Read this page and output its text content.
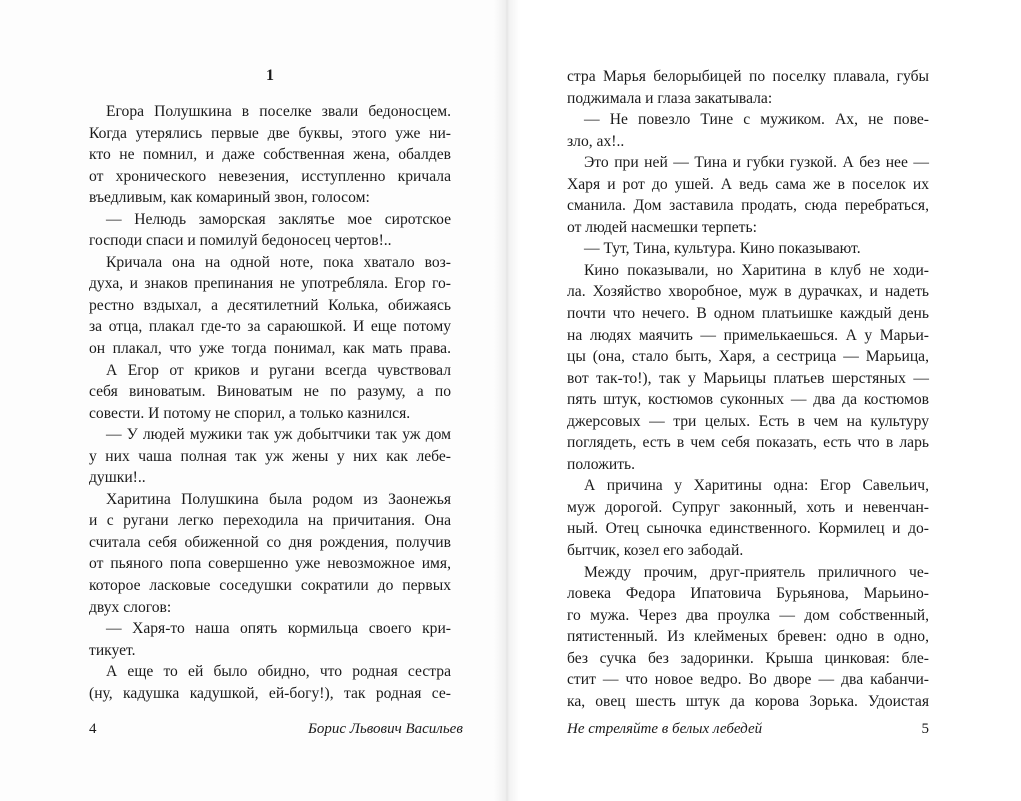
1
Егора Полушкина в поселке звали бедоносцем.
Когда утерялись первые две буквы, этого уже ни-
кто не помнил, и даже собственная жена, обалдев
от хронического невезения, исступленно кричала
въедливым, как комариный звон, голосом:
— Нелюдь заморская заклятье мое сиротское
господи спаси и помилуй бедоносец чертов!..
Кричала она на одной ноте, пока хватало воз-
духа, и знаков препинания не употребляла. Егор го-
рестно вздыхал, а десятилетний Колька, обижаясь
за отца, плакал где-то за сараюшкой. И еще потому
он плакал, что уже тогда понимал, как мать права.
А Егор от криков и ругани всегда чувствовал
себя виноватым. Виноватым не по разуму, а по
совести. И потому не спорил, а только казнился.
— У людей мужики так уж добытчики так уж дом
у них чаша полная так уж жены у них как лебе-
душки!..
Харитина Полушкина была родом из Заонежья
и с ругани легко переходила на причитания. Она
считала себя обиженной со дня рождения, получив
от пьяного попа совершенно уже невозможное имя,
которое ласковые соседушки сократили до первых
двух слогов:
— Харя-то наша опять кормильца своего кри-
тикует.
А еще то ей было обидно, что родная сестра
(ну, кадушка кадушкой, ей-богу!), так родная се-
4	Борис Львович Васильев
стра Марья белорыбицей по поселку плавала, губы
поджимала и глаза закатывала:
— Не повезло Тине с мужиком. Ах, не пове-
зло, ах!..
Это при ней — Тина и губки гузкой. А без нее —
Харя и рот до ушей. А ведь сама же в поселок их
сманила. Дом заставила продать, сюда перебраться,
от людей насмешки терпеть:
— Тут, Тина, культура. Кино показывают.
Кино показывали, но Харитина в клуб не ходи-
ла. Хозяйство хворобное, муж в дурачках, и надеть
почти что нечего. В одном платьишке каждый день
на людях маячить — примелькаешься. А у Марьи-
цы (она, стало быть, Харя, а сестрица — Марьица,
вот так-то!), так у Марьицы платьев шерстяных —
пять штук, костюмов суконных — два да костюмов
джерсовых — три целых. Есть в чем на культуру
поглядеть, есть в чем себя показать, есть что в ларь
положить.
А причина у Харитины одна: Егор Савельич,
муж дорогой. Супруг законный, хоть и невенчан-
ный. Отец сыночка единственного. Кормилец и до-
бытчик, козел его забодай.
Между прочим, друг-приятель приличного че-
ловека Федора Ипатовича Бурьянова, Марьино-
го мужа. Через два проулка — дом собственный,
пятистенный. Из клейменых бревен: одно в одно,
без сучка без задоринки. Крыша цинковая: бле-
стит — что новое ведро. Во дворе — два кабанчи-
ка, овец шесть штук да корова Зорька. Удоистая
Не стреляйте в белых лебедей	5
